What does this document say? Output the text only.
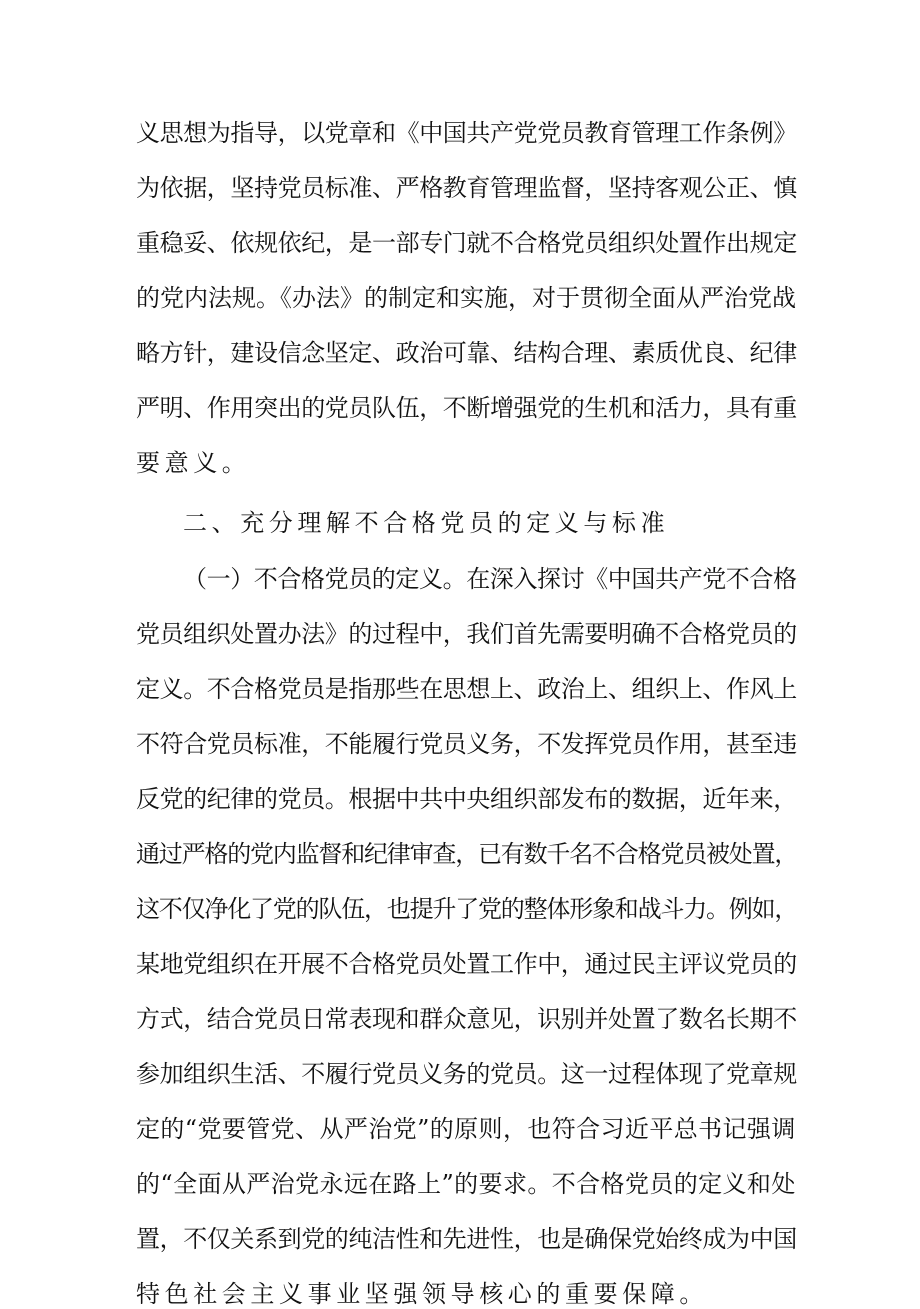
义思想为指导，以党章和《中国共产党党员教育管理工作条例》
为依据，坚持党员标准、严格教育管理监督，坚持客观公正、慎
重稳妥、依规依纪，是一部专门就不合格党员组织处置作出规定
的党内法规。《办法》的制定和实施，对于贯彻全面从严治党战
略方针，建设信念坚定、政治可靠、结构合理、素质优良、纪律
严明、作用突出的党员队伍，不断增强党的生机和活力，具有重
要意义。
二、充分理解不合格党员的定义与标准
（一）不合格党员的定义。在深入探讨《中国共产党不合格
党员组织处置办法》的过程中，我们首先需要明确不合格党员的
定义。不合格党员是指那些在思想上、政治上、组织上、作风上
不符合党员标准，不能履行党员义务，不发挥党员作用，甚至违
反党的纪律的党员。根据中共中央组织部发布的数据，近年来，
通过严格的党内监督和纪律审查，已有数千名不合格党员被处置，
这不仅净化了党的队伍，也提升了党的整体形象和战斗力。例如，
某地党组织在开展不合格党员处置工作中，通过民主评议党员的
方式，结合党员日常表现和群众意见，识别并处置了数名长期不
参加组织生活、不履行党员义务的党员。这一过程体现了党章规
定的“党要管党、从严治党”的原则，也符合习近平总书记强调
的“全面从严治党永远在路上”的要求。不合格党员的定义和处
置，不仅关系到党的纯洁性和先进性，也是确保党始终成为中国
特色社会主义事业坚强领导核心的重要保障。
